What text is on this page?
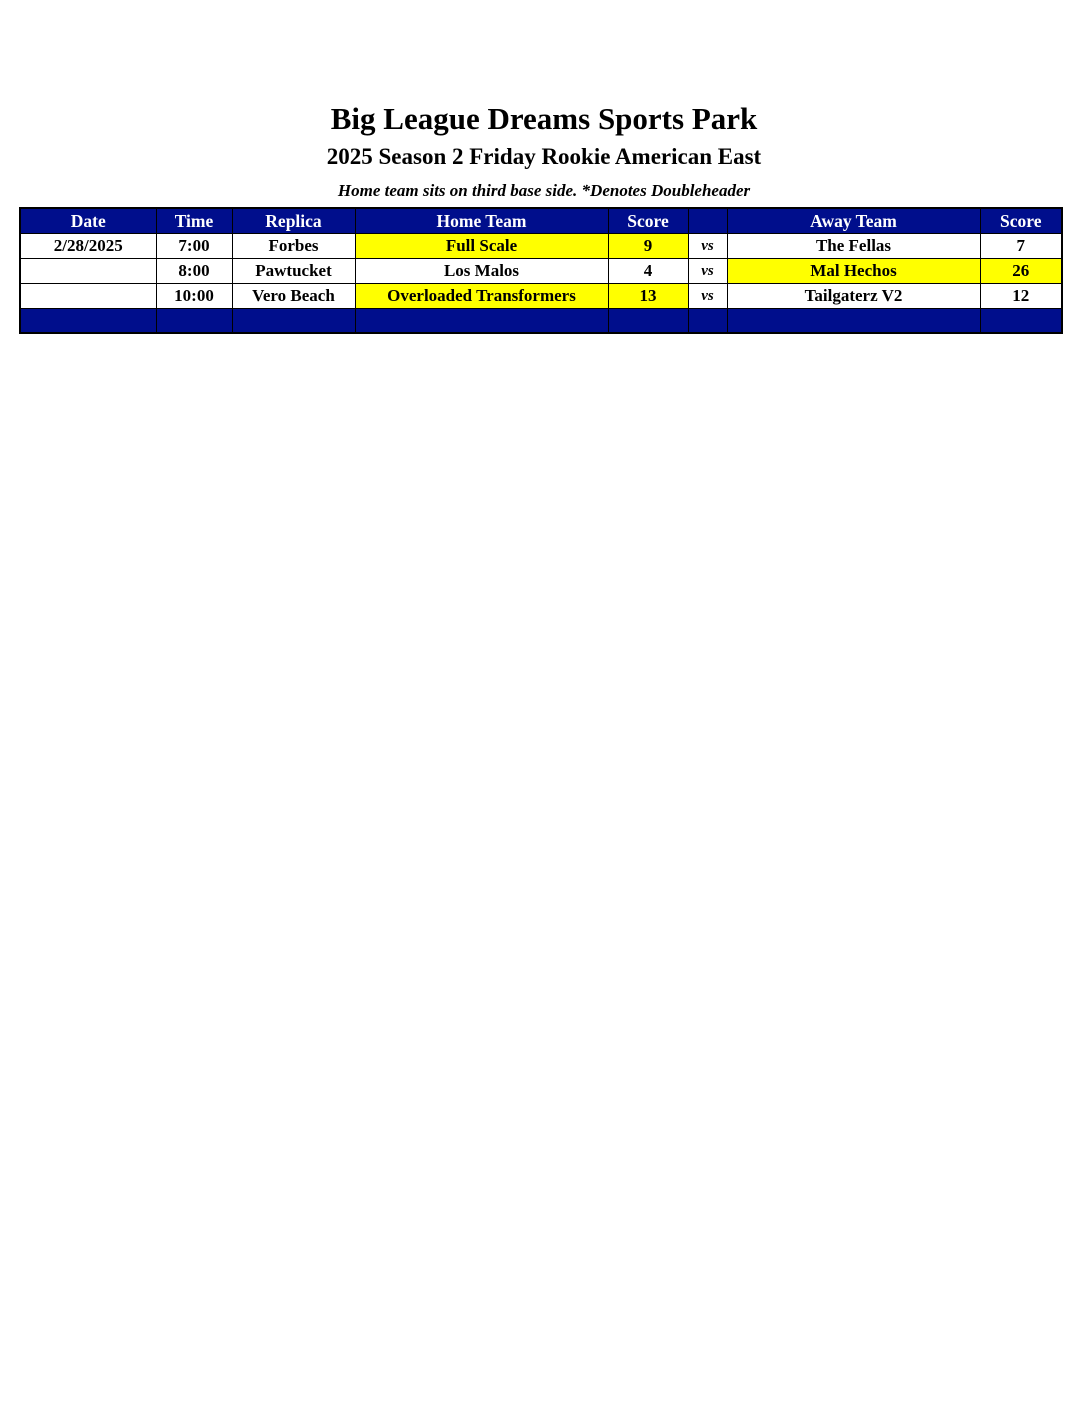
Big League Dreams Sports Park
2025 Season 2 Friday Rookie American East
Home team sits on third base side. *Denotes Doubleheader
Date	Time	Replica	Home Team	Score		Away Team	Score
2/28/2025	7:00	Forbes	Full Scale	9	vs	The Fellas	7
	8:00	Pawtucket	Los Malos	4	vs	Mal Hechos	26
	10:00	Vero Beach	Overloaded Transformers	13	vs	Tailgaterz V2	12
